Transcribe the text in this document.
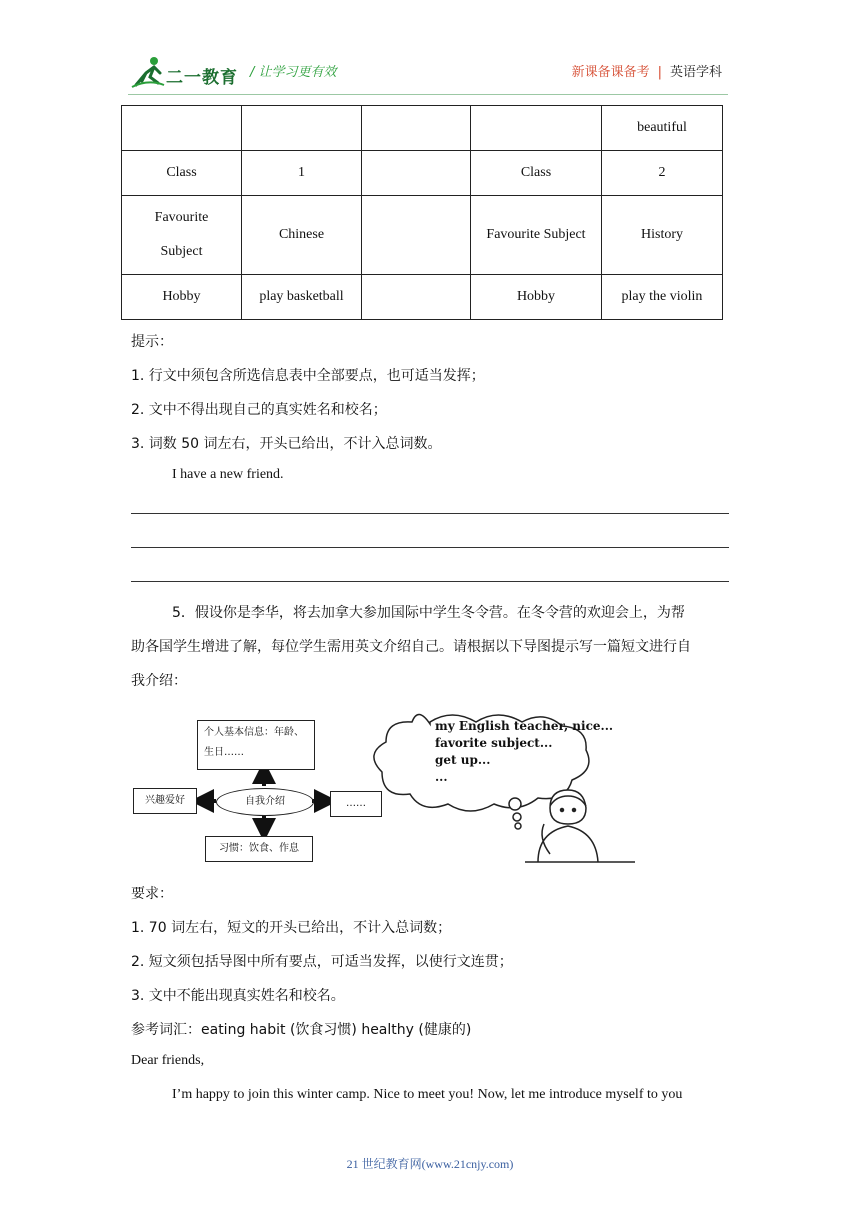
二一教育 / 让学习更有效	新课备课备考 | 英语学科
				beautiful
Class	1		Class	2
Favourite Subject	Chinese		Favourite Subject	History
Hobby	play basketball		Hobby	play the violin
提示：
1. 行文中须包含所选信息表中全部要点，也可适当发挥；
2. 文中不得出现自己的真实姓名和校名；
3. 词数 50 词左右，开头已给出，不计入总词数。
I have a new friend.
5．假设你是李华，将去加拿大参加国际中学生冬令营。在冬令营的欢迎会上，为帮
助各国学生增进了解，每位学生需用英文介绍自己。请根据以下导图提示写一篇短文进行自
我介绍：
个人基本信息：年龄、
生日……
自我介绍
兴趣爱好	……
习惯：饮食、作息
my English teacher, nice...
favorite subject...
get up...
...
要求：
1. 70 词左右，短文的开头已给出，不计入总词数；
2. 短文须包括导图中所有要点，可适当发挥，以使行文连贯；
3. 文中不能出现真实姓名和校名。
参考词汇：eating habit (饮食习惯) healthy (健康的)
Dear friends,
I’m happy to join this winter camp. Nice to meet you! Now, let me introduce myself to you
21 世纪教育网(www.21cnjy.com)
